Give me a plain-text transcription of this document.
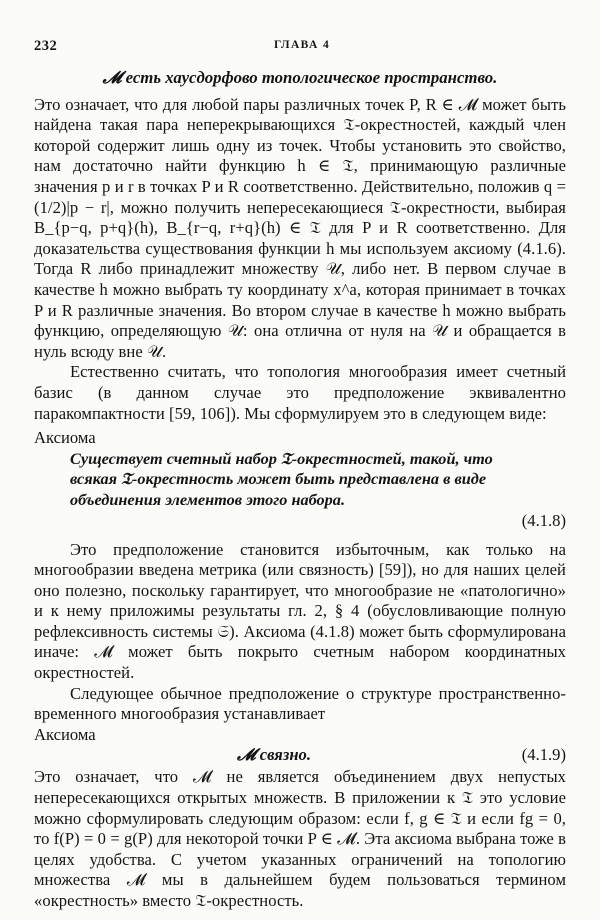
232	ГЛАВА 4

𝓜 есть хаусдорфово топологическое пространство.

Это означает, что для любой пары различных точек P, R ∈ 𝓜 может быть найдена такая пара неперекрывающихся 𝔗-окрестностей, каждый член которой содержит лишь одну из точек. Чтобы установить это свойство, нам достаточно найти функцию h ∈ 𝔗, принимающую различные значения p и r в точках P и R соответственно. Действительно, положив q = (1/2)|p − r|, можно получить непересекающиеся 𝔗-окрестности, выбирая B_{p−q, p+q}(h), B_{r−q, r+q}(h) ∈ 𝔗 для P и R соответственно. Для доказательства существования функции h мы используем аксиому (4.1.6). Тогда R либо принадлежит множеству 𝒰, либо нет. В первом случае в качестве h можно выбрать ту координату x^a, которая принимает в точках P и R различные значения. Во втором случае в качестве h можно выбрать функцию, определяющую 𝒰: она отлична от нуля на 𝒰 и обращается в нуль всюду вне 𝒰.

Естественно считать, что топология многообразия имеет счетный базис (в данном случае это предположение эквивалентно паракомпактности [59, 106]). Мы сформулируем это в следующем виде:

Аксиома

Существует счетный набор 𝔗-окрестностей, такой, что всякая 𝔗-окрестность может быть представлена в виде объединения элементов этого набора.

(4.1.8)

Это предположение становится избыточным, как только на многообразии введена метрика (или связность) [59]), но для наших целей оно полезно, поскольку гарантирует, что многообразие не «патологично» и к нему приложимы результаты гл. 2, § 4 (обусловливающие полную рефлексивность системы 𝔖). Аксиома (4.1.8) может быть сформулирована иначе: 𝓜 может быть покрыто счетным набором координатных окрестностей.

Следующее обычное предположение о структуре пространственно-временного многообразия устанавливает

Аксиома

𝓜 связно.	(4.1.9)

Это означает, что 𝓜 не является объединением двух непустых непересекающихся открытых множеств. В приложении к 𝔗 это условие можно сформулировать следующим образом: если f, g ∈ 𝔗 и если fg = 0, то f(P) = 0 = g(P) для некоторой точки P ∈ 𝓜. Эта аксиома выбрана тоже в целях удобства. С учетом указанных ограничений на топологию множества 𝓜 мы в дальнейшем будем пользоваться термином «окрестность» вместо 𝔗-окрестность.
